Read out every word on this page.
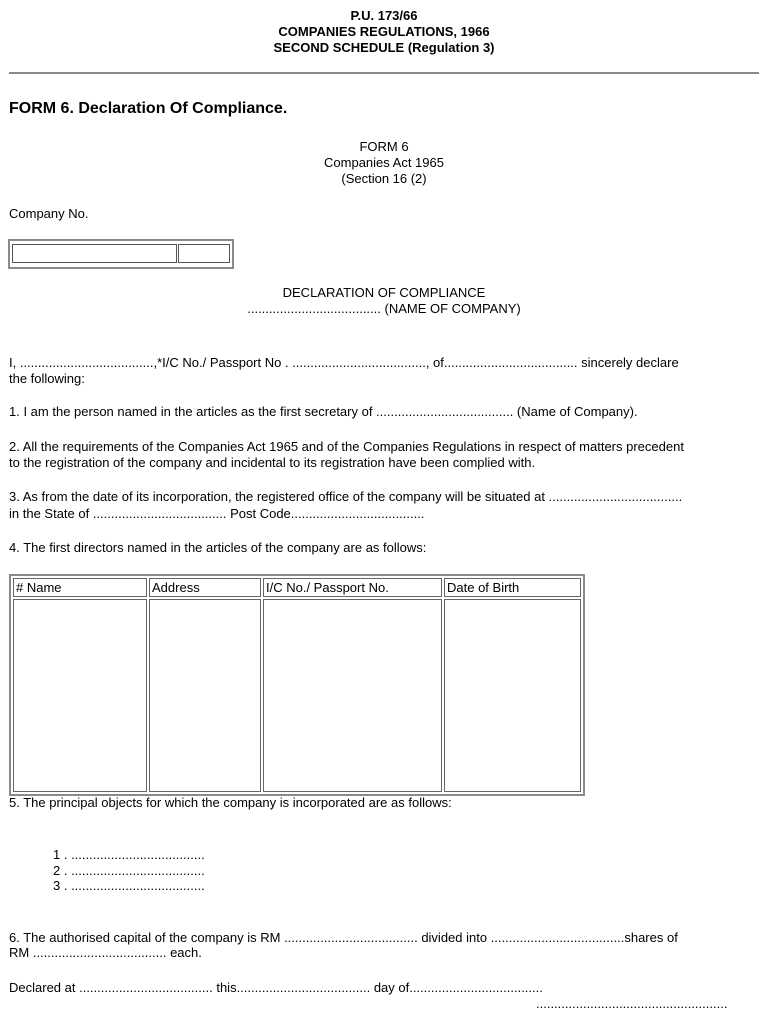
P.U. 173/66
COMPANIES REGULATIONS, 1966
SECOND SCHEDULE (Regulation 3)
FORM 6. Declaration Of Compliance.
FORM 6
Companies Act 1965
(Section 16 (2)
Company No.
DECLARATION OF COMPLIANCE
..................................... (NAME OF COMPANY)
I, .....................................,*I/C No./ Passport No . ....................................., of..................................... sincerely declare
the following:
1. I am the person named in the articles as the first secretary of ...................................... (Name of Company).
2. All the requirements of the Companies Act 1965 and of the Companies Regulations in respect of matters precedent
to the registration of the company and incidental to its registration have been complied with.
3. As from the date of its incorporation, the registered office of the company will be situated at .....................................
in the State of ..................................... Post Code.....................................
4. The first directors named in the articles of the company are as follows:
# Name	Address	I/C No./ Passport No.	Date of Birth

5. The principal objects for which the company is incorporated are as follows:
1 . .....................................
2 . .....................................
3 . .....................................
6. The authorised capital of the company is RM ..................................... divided into .....................................shares of
RM ..................................... each.
Declared at ..................................... this..................................... day of.....................................
.....................................................
